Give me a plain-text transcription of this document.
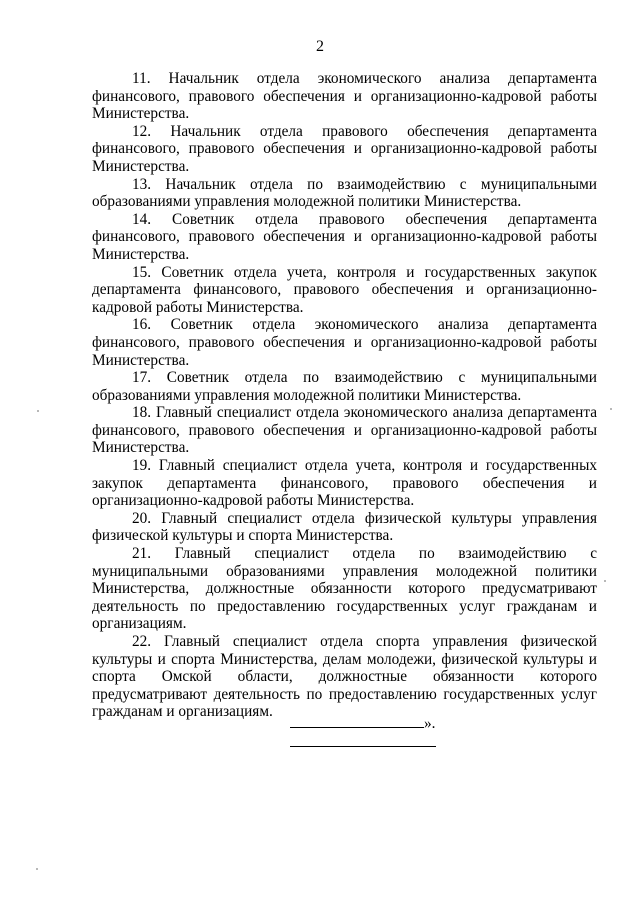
2

11. Начальник отдела экономического анализа департамента финансового, правового обеспечения и организационно-кадровой работы Министерства.

12. Начальник отдела правового обеспечения департамента финансового, правового обеспечения и организационно-кадровой работы Министерства.

13. Начальник отдела по взаимодействию с муниципальными образованиями управления молодежной политики Министерства.

14. Советник отдела правового обеспечения департамента финансового, правового обеспечения и организационно-кадровой работы Министерства.

15. Советник отдела учета, контроля и государственных закупок департамента финансового, правового обеспечения и организационно-кадровой работы Министерства.

16. Советник отдела экономического анализа департамента финансового, правового обеспечения и организационно-кадровой работы Министерства.

17. Советник отдела по взаимодействию с муниципальными образованиями управления молодежной политики Министерства.

18. Главный специалист отдела экономического анализа департамента финансового, правового обеспечения и организационно-кадровой работы Министерства.

19. Главный специалист отдела учета, контроля и государственных закупок департамента финансового, правового обеспечения и организационно-кадровой работы Министерства.

20. Главный специалист отдела физической культуры управления физической культуры и спорта Министерства.

21. Главный специалист отдела по взаимодействию с муниципальными образованиями управления молодежной политики Министерства, должностные обязанности которого предусматривают деятельность по предоставлению государственных услуг гражданам и организациям.

22. Главный специалист отдела спорта управления физической культуры и спорта Министерства, делам молодежи, физической культуры и спорта Омской области, должностные обязанности которого предусматривают деятельность по предоставлению государственных услуг гражданам и организациям.

».
